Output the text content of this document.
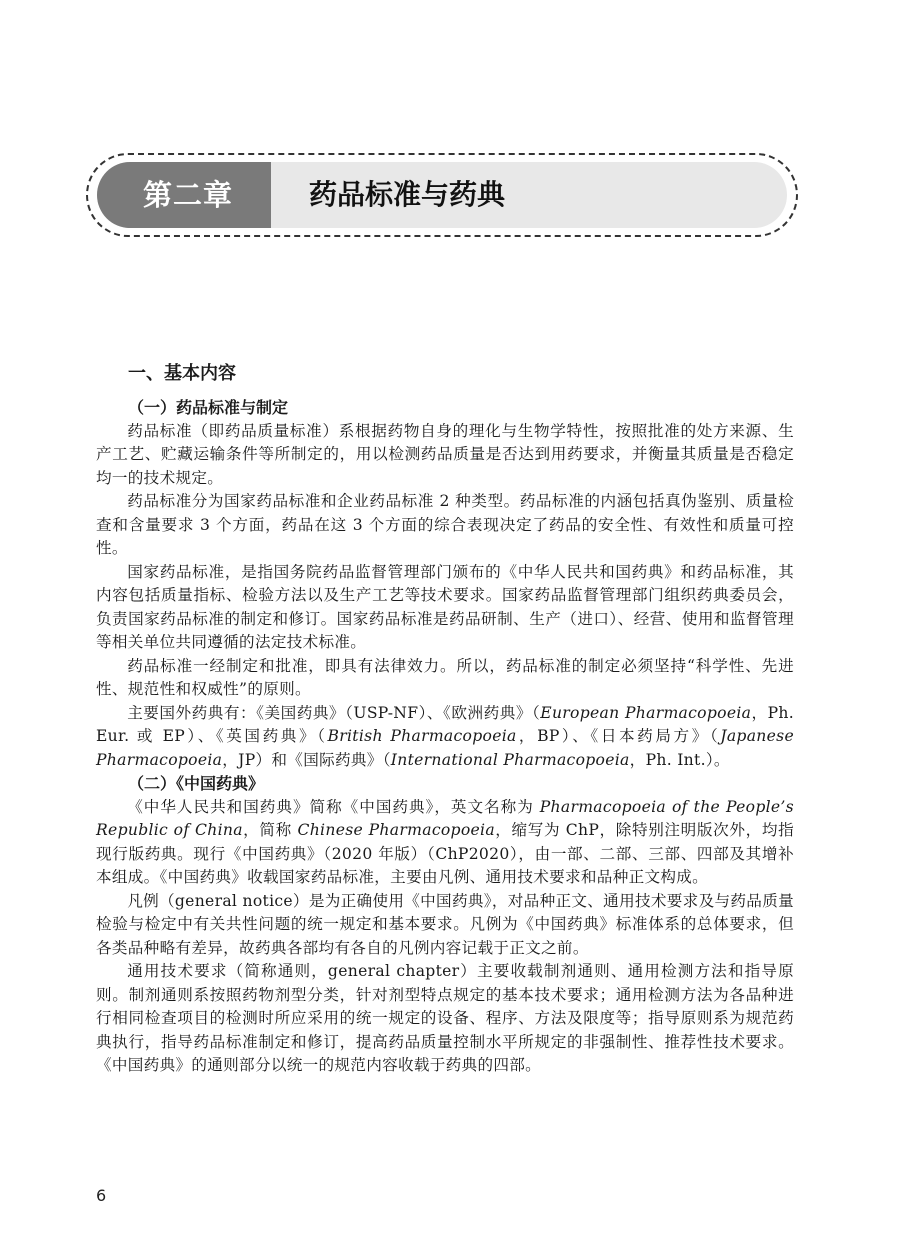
第二章	药品标准与药典
一、基本内容
（一）药品标准与制定

药品标准（即药品质量标准）系根据药物自身的理化与生物学特性，按照批准的处方来源、生产工艺、贮藏运输条件等所制定的，用以检测药品质量是否达到用药要求，并衡量其质量是否稳定均一的技术规定。

药品标准分为国家药品标准和企业药品标准 2 种类型。药品标准的内涵包括真伪鉴别、质量检查和含量要求 3 个方面，药品在这 3 个方面的综合表现决定了药品的安全性、有效性和质量可控性。

国家药品标准，是指国务院药品监督管理部门颁布的《中华人民共和国药典》和药品标准，其内容包括质量指标、检验方法以及生产工艺等技术要求。国家药品监督管理部门组织药典委员会，负责国家药品标准的制定和修订。国家药品标准是药品研制、生产（进口）、经营、使用和监督管理等相关单位共同遵循的法定技术标准。

药品标准一经制定和批准，即具有法律效力。所以，药品标准的制定必须坚持“科学性、先进性、规范性和权威性”的原则。

主要国外药典有：《美国药典》（USP-NF）、《欧洲药典》（European Pharmacopoeia，Ph. Eur. 或 EP）、《英国药典》（British Pharmacopoeia，BP）、《日本药局方》（Japanese Pharmacopoeia，JP）和《国际药典》（International Pharmacopoeia，Ph. Int.）。

（二）《中国药典》

《中华人民共和国药典》简称《中国药典》，英文名称为 Pharmacopoeia of the People’s Republic of China，简称 Chinese Pharmacopoeia，缩写为 ChP，除特别注明版次外，均指现行版药典。现行《中国药典》（2020 年版）（ChP2020），由一部、二部、三部、四部及其增补本组成。《中国药典》收载国家药品标准，主要由凡例、通用技术要求和品种正文构成。

凡例（general notice）是为正确使用《中国药典》，对品种正文、通用技术要求及与药品质量检验与检定中有关共性问题的统一规定和基本要求。凡例为《中国药典》标准体系的总体要求，但各类品种略有差异，故药典各部均有各自的凡例内容记载于正文之前。

通用技术要求（简称通则，general chapter）主要收载制剂通则、通用检测方法和指导原则。制剂通则系按照药物剂型分类，针对剂型特点规定的基本技术要求；通用检测方法为各品种进行相同检查项目的检测时所应采用的统一规定的设备、程序、方法及限度等；指导原则系为规范药典执行，指导药品标准制定和修订，提高药品质量控制水平所规定的非强制性、推荐性技术要求。《中国药典》的通则部分以统一的规范内容收载于药典的四部。

6
